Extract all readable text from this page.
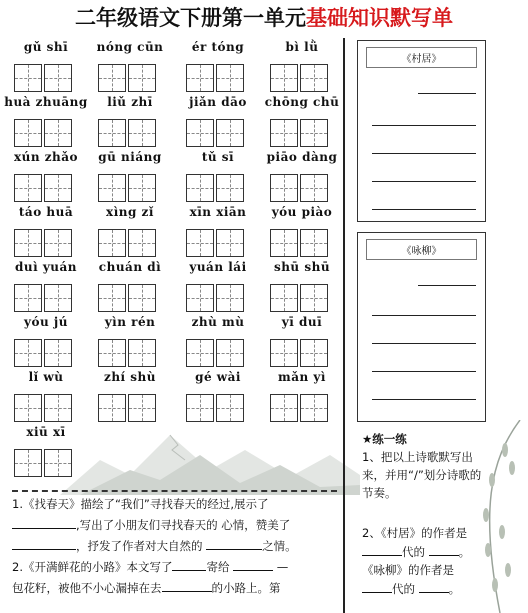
二年级语文下册第一单元基础知识默写单
gǔ shī	nóng cūn	ér tóng	bì lǜ
huà zhuāng	liǔ zhī	jiǎn dāo	chōng chū
xún zhǎo	gū niáng	tǔ sī	piāo dàng
táo huā	xìng zǐ	xīn xiān	yóu piào
duì yuán	chuán dì	yuán lái	shū shū
yóu jú	yìn rén	zhù mù	yī duī
lǐ wù	zhí shù	gé wài	mǎn yì
xiū xī
《村居》
《咏柳》
★练一练
1、把以上诗歌默写出来，并用“/”划分诗歌的节奏。
2、《村居》的作者是
代的	。
《咏柳》的作者是
代的	。
1.《找春天》描绘了“我们”寻找春天的经过,展示了
,写出了小朋友们寻找春天的 心情，赞美了
，抒发了作者对大自然的	之情。
2.《开满鲜花的小路》本文写了	寄给	—
包花籽，被他不小心漏掉在去	的小路上。第
